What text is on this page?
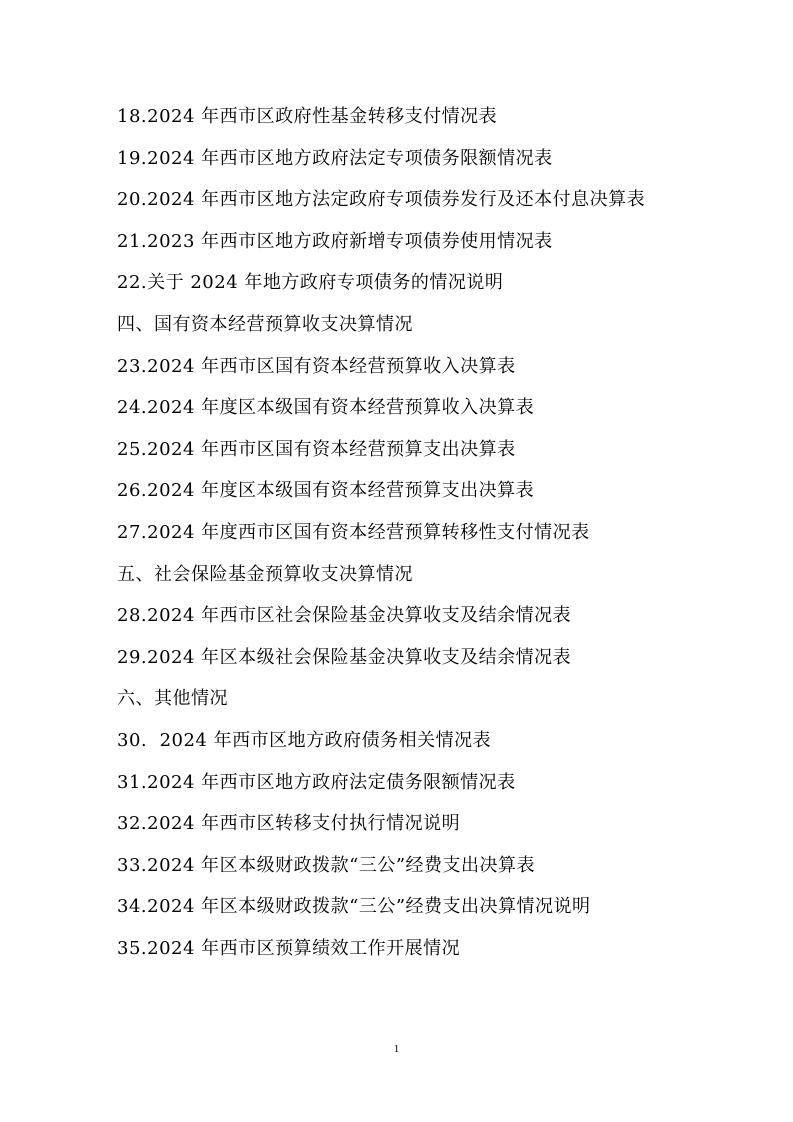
18.2024 年西市区政府性基金转移支付情况表
19.2024 年西市区地方政府法定专项债务限额情况表
20.2024 年西市区地方法定政府专项债券发行及还本付息决算表
21.2023 年西市区地方政府新增专项债券使用情况表
22.关于 2024 年地方政府专项债务的情况说明
四、国有资本经营预算收支决算情况
23.2024 年西市区国有资本经营预算收入决算表
24.2024 年度区本级国有资本经营预算收入决算表
25.2024 年西市区国有资本经营预算支出决算表
26.2024 年度区本级国有资本经营预算支出决算表
27.2024 年度西市区国有资本经营预算转移性支付情况表
五、社会保险基金预算收支决算情况
28.2024 年西市区社会保险基金决算收支及结余情况表
29.2024 年区本级社会保险基金决算收支及结余情况表
六、其他情况
30.  2024 年西市区地方政府债务相关情况表
31.2024 年西市区地方政府法定债务限额情况表
32.2024 年西市区转移支付执行情况说明
33.2024 年区本级财政拨款“三公”经费支出决算表
34.2024 年区本级财政拨款“三公”经费支出决算情况说明
35.2024 年西市区预算绩效工作开展情况
1
